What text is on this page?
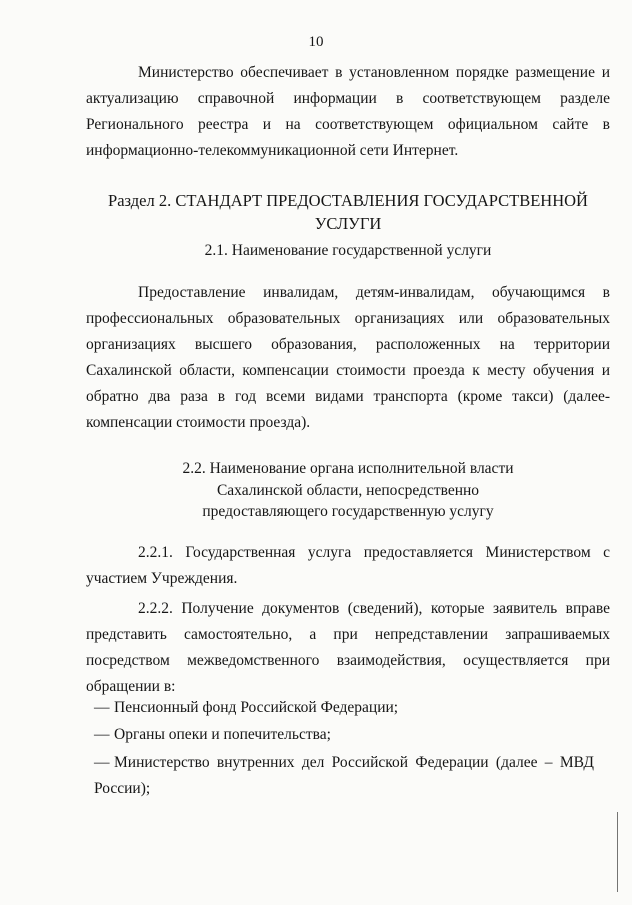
10

Министерство обеспечивает в установленном порядке размещение и актуализацию справочной информации в соответствующем разделе Регионального реестра и на соответствующем официальном сайте в информационно-телекоммуникационной сети Интернет.

Раздел 2. СТАНДАРТ ПРЕДОСТАВЛЕНИЯ ГОСУДАРСТВЕННОЙ

УСЛУГИ

2.1. Наименование государственной услуги

Предоставление инвалидам, детям-инвалидам, обучающимся в профессиональных образовательных организациях или образовательных организациях высшего образования, расположенных на территории Сахалинской области, компенсации стоимости проезда к месту обучения и обратно два раза в год всеми видами транспорта (кроме такси) (далее-компенсации стоимости проезда).

2.2. Наименование органа исполнительной власти

Сахалинской области, непосредственно

предоставляющего государственную услугу

2.2.1. Государственная услуга предоставляется Министерством с участием Учреждения.

2.2.2. Получение документов (сведений), которые заявитель вправе представить самостоятельно, а при непредставлении запрашиваемых посредством межведомственного взаимодействия, осуществляется при обращении в:

— Пенсионный фонд Российской Федерации;

— Органы опеки и попечительства;

— Министерство внутренних дел Российской Федерации (далее – МВД России);
